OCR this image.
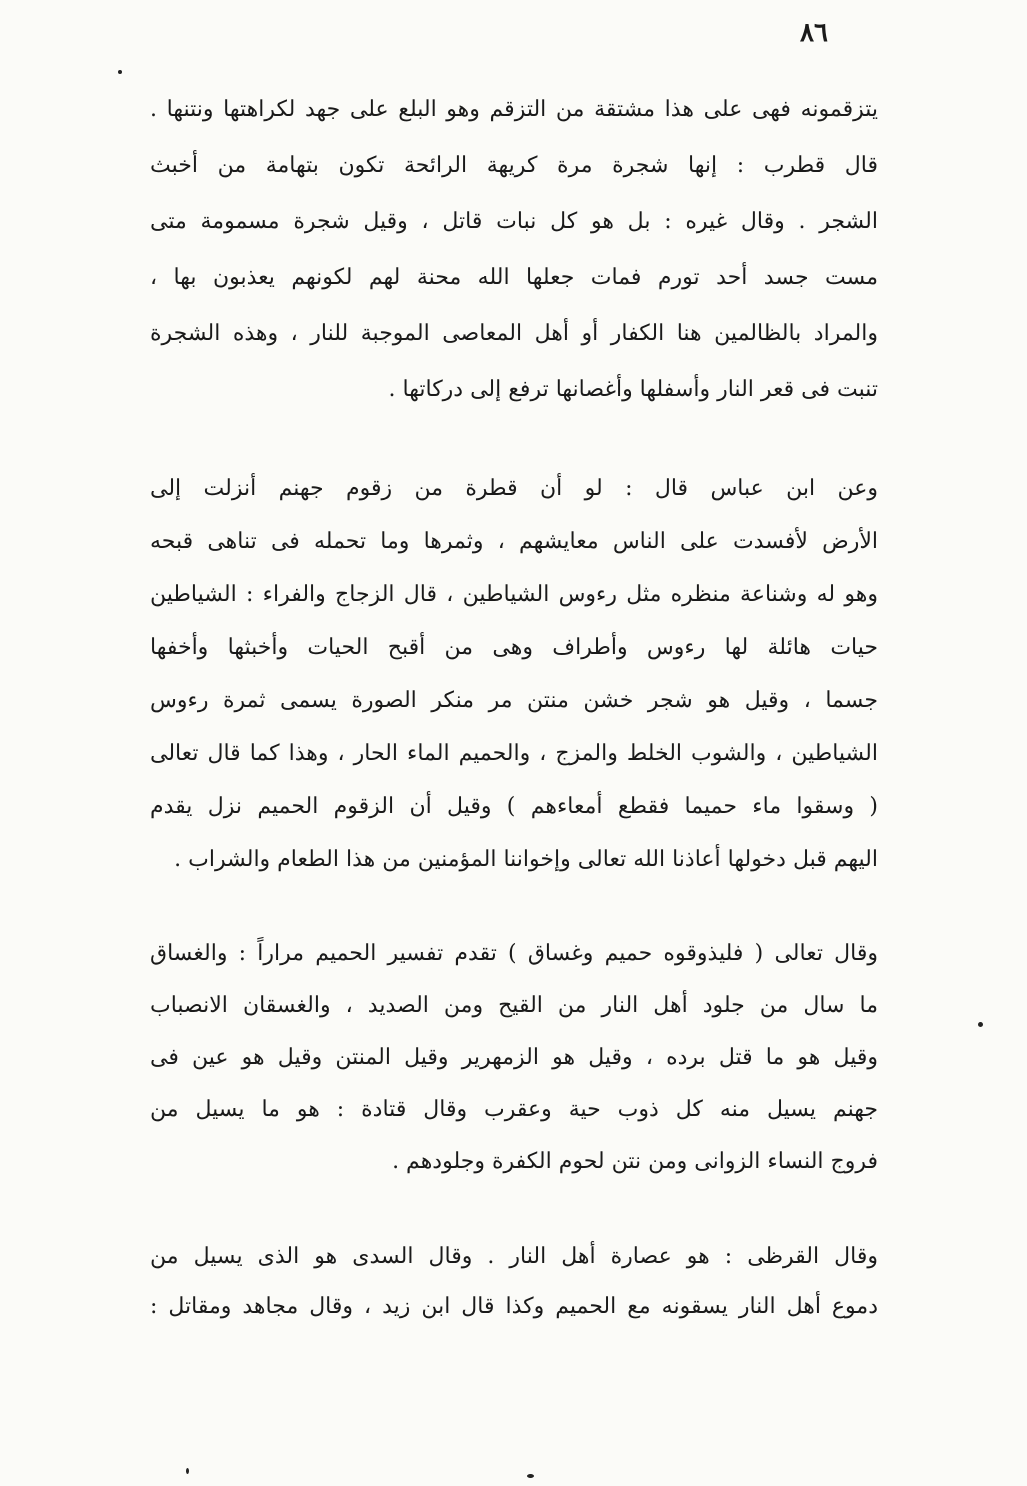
٨٦
يتزقمونه فهى على هذا مشتقة من التزقم وهو البلع على جهد لكراهتها ونتنها .
قال قطرب : إنها شجرة مرة كريهة الرائحة تكون بتهامة من أخبث
الشجر . وقال غيره : بل هو كل نبات قاتل ، وقيل شجرة مسمومة متى
مست جسد أحد تورم فمات جعلها الله محنة لهم لكونهم يعذبون بها ،
والمراد بالظالمين هنا الكفار أو أهل المعاصى الموجبة للنار ، وهذه الشجرة
تنبت فى قعر النار وأسفلها وأغصانها ترفع إلى دركاتها .
وعن ابن عباس قال : لو أن قطرة من زقوم جهنم أنزلت إلى
الأرض لأفسدت على الناس معايشهم ، وثمرها وما تحمله فى تناهى قبحه
وهو له وشناعة منظره مثل رءوس الشياطين ، قال الزجاج والفراء : الشياطين
حيات هائلة لها رءوس وأطراف وهى من أقبح الحيات وأخبثها وأخفها
جسما ، وقيل هو شجر خشن منتن مر منكر الصورة يسمى ثمرة رءوس
الشياطين ، والشوب الخلط والمزج ، والحميم الماء الحار ، وهذا كما قال تعالى
( وسقوا ماء حميما فقطع أمعاءهم ) وقيل أن الزقوم الحميم نزل يقدم
اليهم قبل دخولها أعاذنا الله تعالى وإخواننا المؤمنين من هذا الطعام والشراب .
وقال تعالى ( فليذوقوه حميم وغساق ) تقدم تفسير الحميم مراراً : والغساق
ما سال من جلود أهل النار من القيح ومن الصديد ، والغسقان الانصباب
وقيل هو ما قتل برده ، وقيل هو الزمهرير وقيل المنتن وقيل هو عين فى
جهنم يسيل منه كل ذوب حية وعقرب وقال قتادة : هو ما يسيل من
فروج النساء الزوانى ومن نتن لحوم الكفرة وجلودهم .
وقال القرظى : هو عصارة أهل النار . وقال السدى هو الذى يسيل من
دموع أهل النار يسقونه مع الحميم وكذا قال ابن زيد ، وقال مجاهد ومقاتل :
